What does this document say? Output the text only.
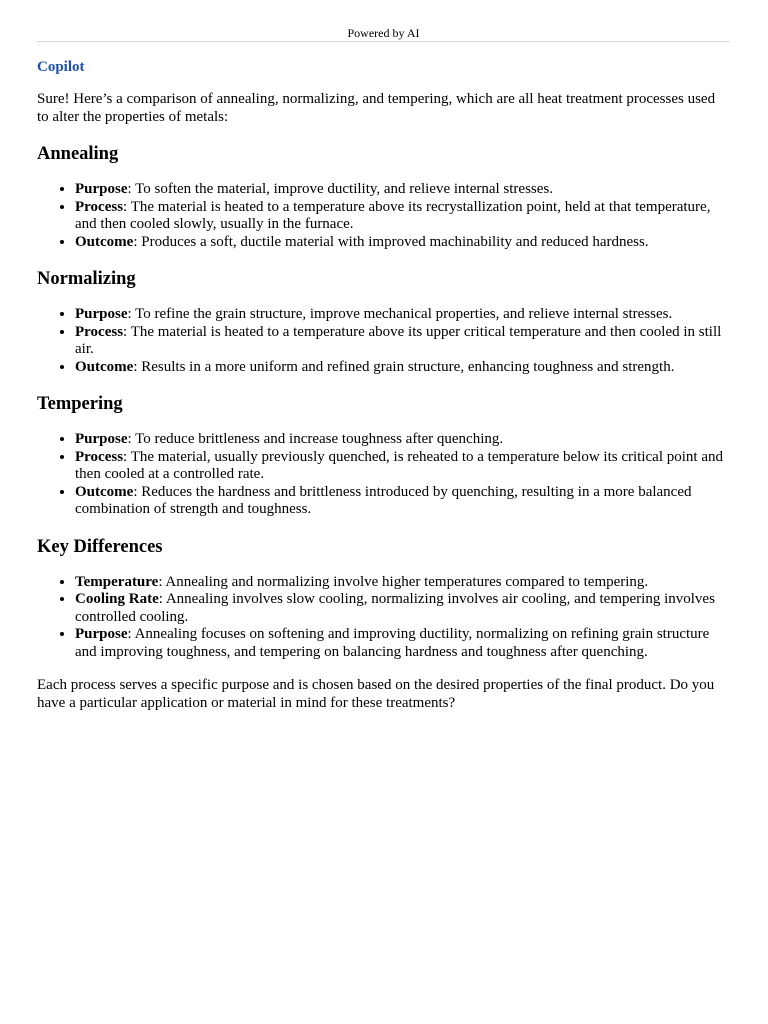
Powered by AI
Copilot
Sure! Here’s a comparison of annealing, normalizing, and tempering, which are all heat treatment processes used to alter the properties of metals:
Annealing
• Purpose: To soften the material, improve ductility, and relieve internal stresses.
• Process: The material is heated to a temperature above its recrystallization point, held at that temperature, and then cooled slowly, usually in the furnace.
• Outcome: Produces a soft, ductile material with improved machinability and reduced hardness.
Normalizing
• Purpose: To refine the grain structure, improve mechanical properties, and relieve internal stresses.
• Process: The material is heated to a temperature above its upper critical temperature and then cooled in still air.
• Outcome: Results in a more uniform and refined grain structure, enhancing toughness and strength.
Tempering
• Purpose: To reduce brittleness and increase toughness after quenching.
• Process: The material, usually previously quenched, is reheated to a temperature below its critical point and then cooled at a controlled rate.
• Outcome: Reduces the hardness and brittleness introduced by quenching, resulting in a more balanced combination of strength and toughness.
Key Differences
• Temperature: Annealing and normalizing involve higher temperatures compared to tempering.
• Cooling Rate: Annealing involves slow cooling, normalizing involves air cooling, and tempering involves controlled cooling.
• Purpose: Annealing focuses on softening and improving ductility, normalizing on refining grain structure and improving toughness, and tempering on balancing hardness and toughness after quenching.
Each process serves a specific purpose and is chosen based on the desired properties of the final product. Do you have a particular application or material in mind for these treatments?
